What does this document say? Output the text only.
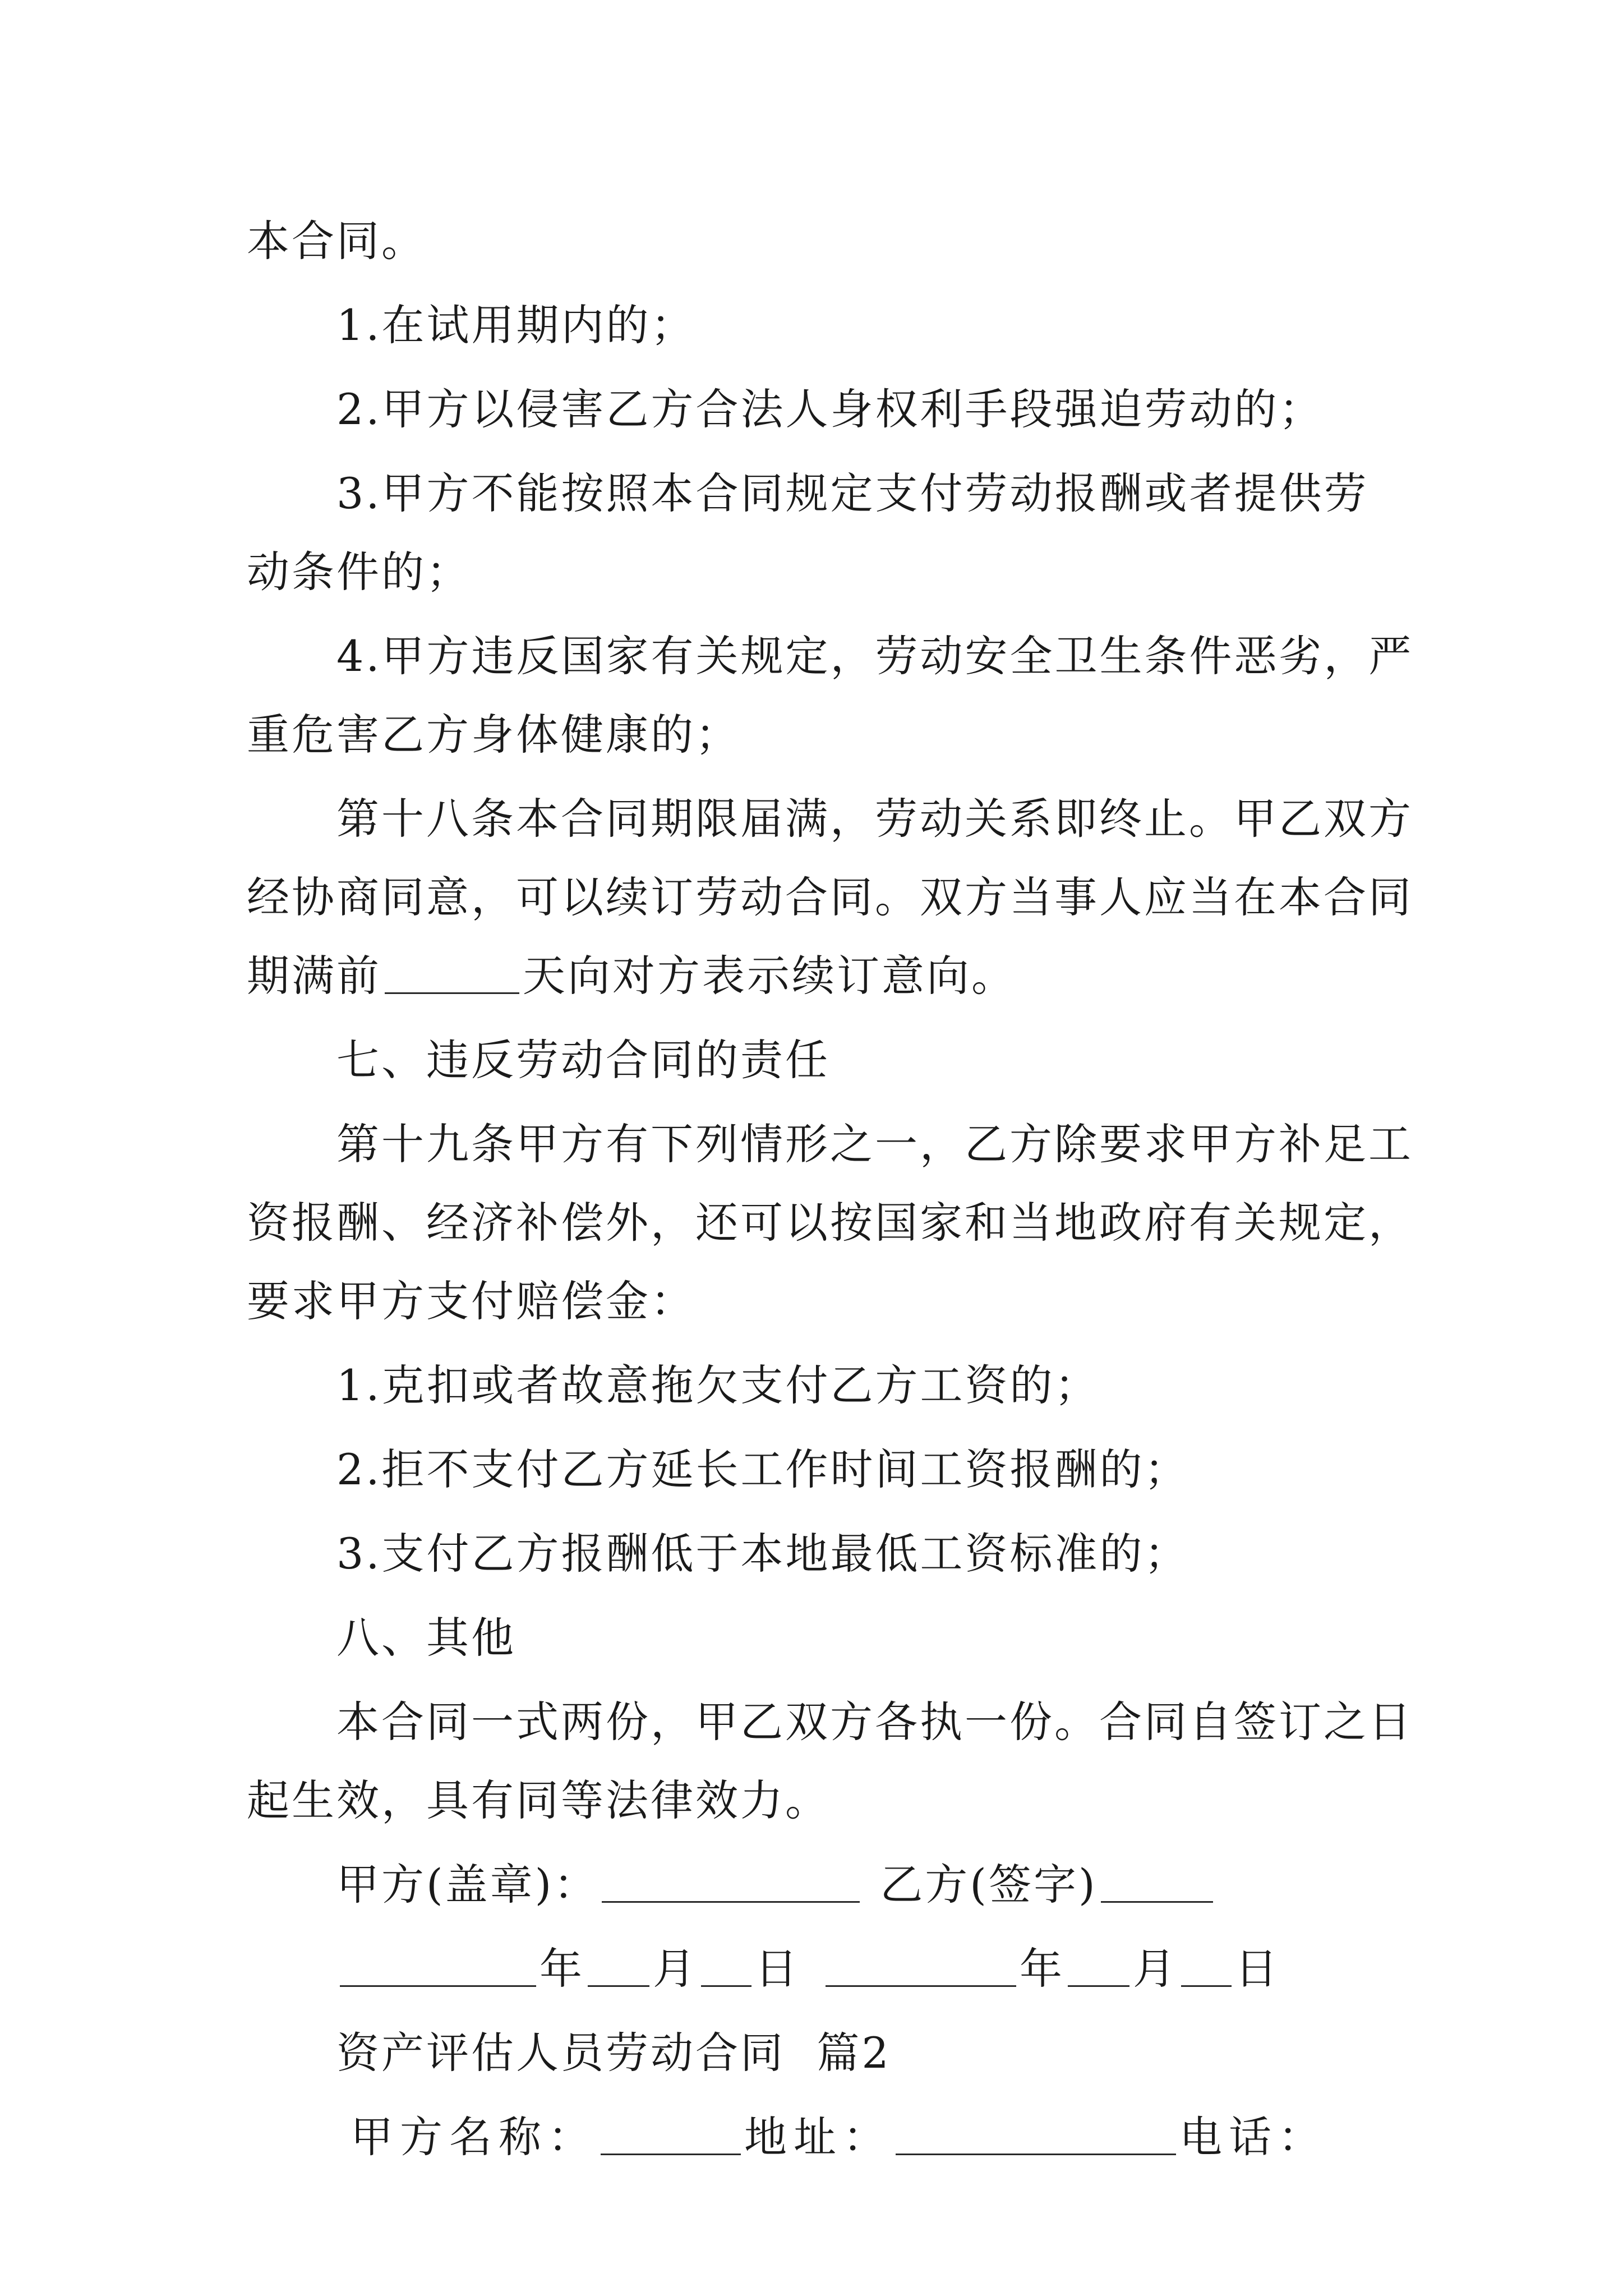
本合同。
1.在试用期内的；
2.甲方以侵害乙方合法人身权利手段强迫劳动的；
3.甲方不能按照本合同规定支付劳动报酬或者提供劳
动条件的；
4.甲方违反国家有关规定，劳动安全卫生条件恶劣，严
重危害乙方身体健康的；
第十八条本合同期限届满，劳动关系即终止。甲乙双方
经协商同意，可以续订劳动合同。双方当事人应当在本合同
期满前	天向对方表示续订意向。
七、违反劳动合同的责任
第十九条甲方有下列情形之一，乙方除要求甲方补足工
资报酬、经济补偿外，还可以按国家和当地政府有关规定，
要求甲方支付赔偿金：
1.克扣或者故意拖欠支付乙方工资的；
2.拒不支付乙方延长工作时间工资报酬的；
3.支付乙方报酬低于本地最低工资标准的；
八、其他
本合同一式两份，甲乙双方各执一份。合同自签订之日
起生效，具有同等法律效力。
甲方(盖章)：	乙方(签字)
年 月 日	年 月 日
资产评估人员劳动合同  篇2
甲方名称：	地址：	电话：
